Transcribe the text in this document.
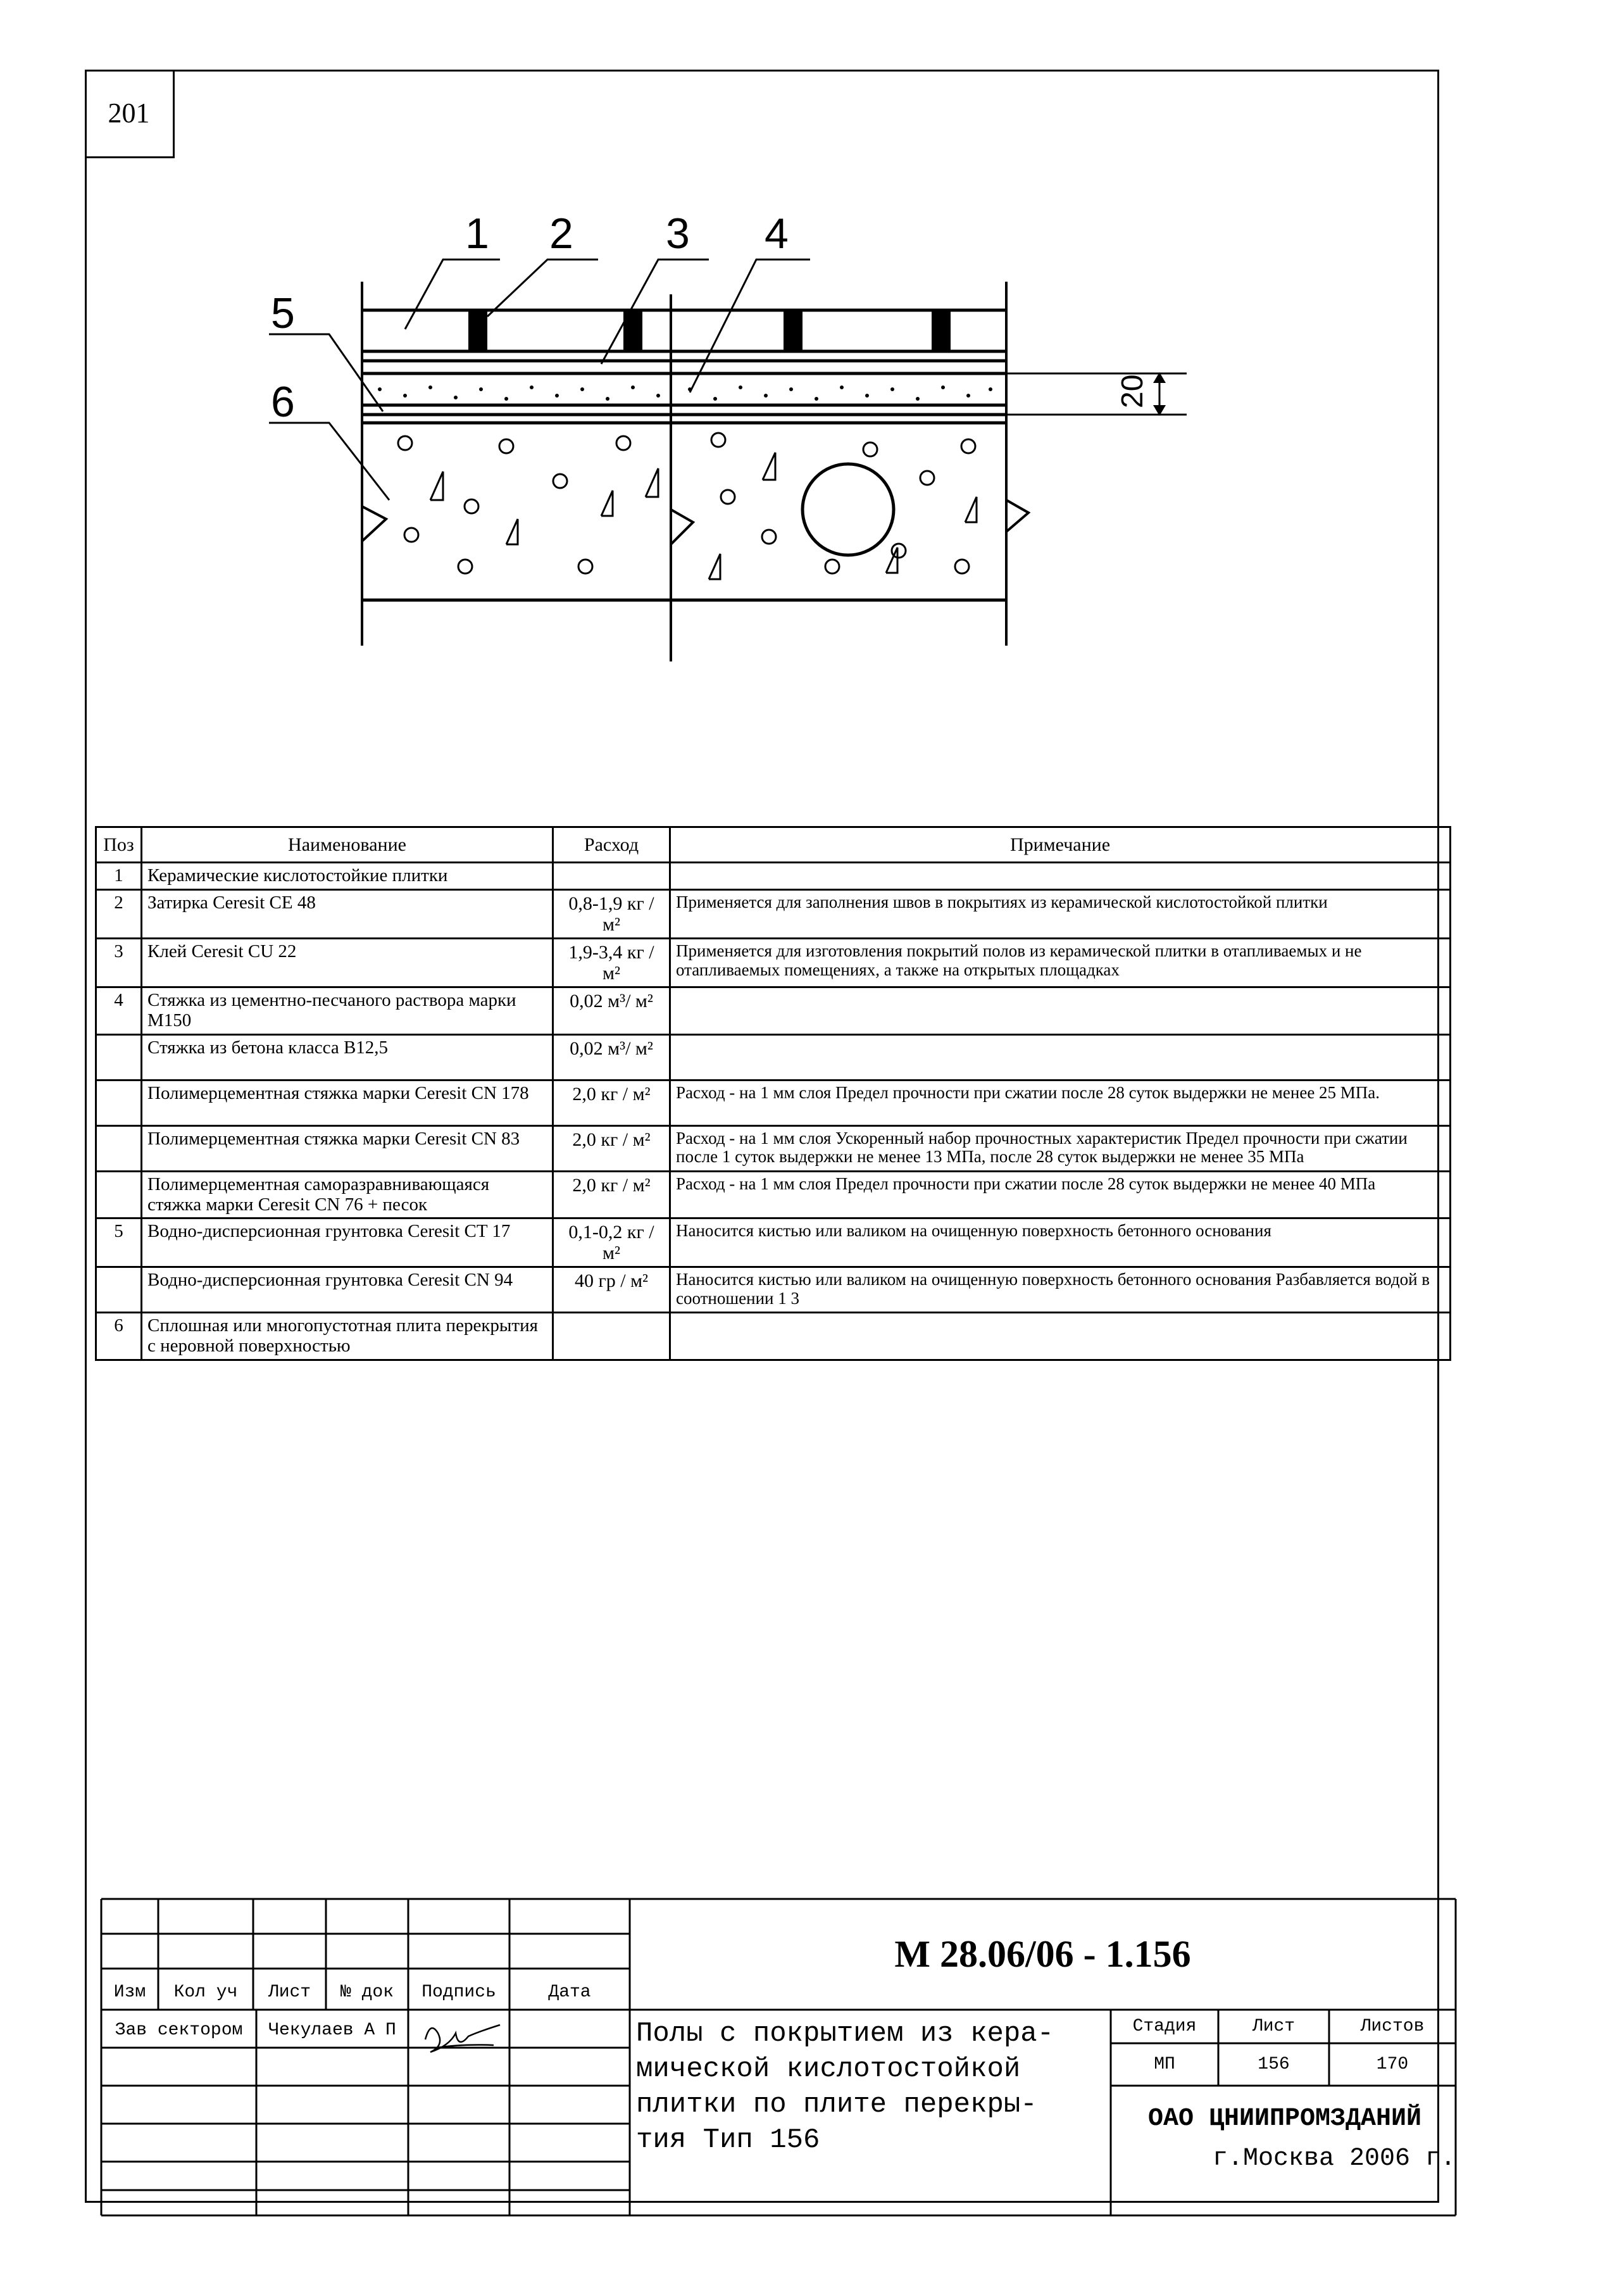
201
1 2 3 4
5
6	20
Поз	Наименование	Расход	Примечание
1	Керамические кислотостойкие плитки		
2	Затирка Ceresit CE 48	0,8-1,9 кг / м²	Применяется для заполнения швов в покрытиях из керамической кислотостойкой плитки
3	Клей Ceresit CU 22	1,9-3,4 кг / м²	Применяется для изготовления покрытий полов из керамической плитки в отапливаемых и не отапливаемых помещениях, а также на открытых площадках
4	Стяжка из цементно-песчаного раствора марки М150	0,02 м³/ м²	
	Стяжка из бетона класса В12,5	0,02 м³/ м²	
	Полимерцементная стяжка марки Ceresit CN 178	2,0 кг / м²	Расход - на 1 мм слоя Предел прочности при сжатии после 28 суток выдержки не менее 25 МПа.
	Полимерцементная стяжка марки Ceresit CN 83	2,0 кг / м²	Расход - на 1 мм слоя Ускоренный набор прочностных характеристик Предел прочности при сжатии после 1 суток выдержки не менее 13 МПа, после 28 суток выдержки не менее 35 МПа
	Полимерцементная саморазравнивающаяся стяжка марки Ceresit CN 76 + песок	2,0 кг / м²	Расход - на 1 мм слоя Предел прочности при сжатии после 28 суток выдержки не менее 40 МПа
5	Водно-дисперсионная грунтовка Ceresit CT 17	0,1-0,2 кг / м²	Наносится кистью или валиком на очищенную поверхность бетонного основания
	Водно-дисперсионная грунтовка Ceresit CN 94	40 гр / м²	Наносится кистью или валиком на очищенную поверхность бетонного основания Разбавляется водой в соотношении 1 3
6	Сплошная или многопустотная плита перекрытия с неровной поверхностью		
Изм	Кол уч	Лист	№ док	Подпись	Дата
Зав сектором	Чекулаев А П
М 28.06/06 - 1.156
Полы с покрытием из кера-
мической кислотостойкой
плитки по плите перекры-
тия Тип 156
Стадия	Лист	Листов
МП	156	170
ОАО ЦНИИПРОМЗДАНИЙ
г.Москва 2006 г.
